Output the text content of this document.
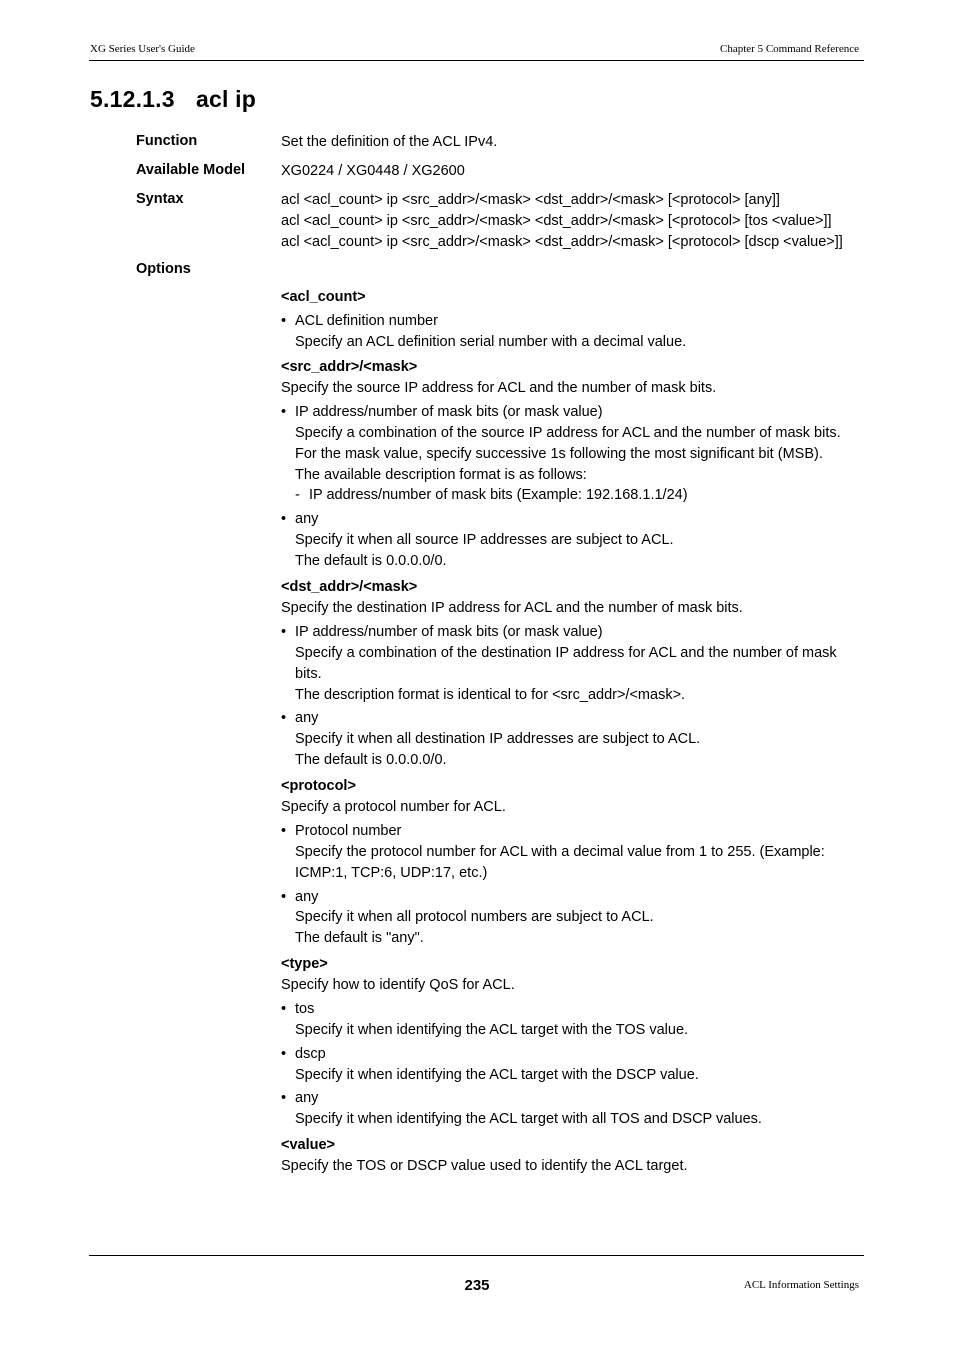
XG Series User's Guide	Chapter 5 Command Reference
5.12.1.3 acl ip
Function	Set the definition of the ACL IPv4.
Available Model XG0224 / XG0448 / XG2600
Syntax	acl <acl_count> ip <src_addr>/<mask> <dst_addr>/<mask> [<protocol> [any]]

acl <acl_count> ip <src_addr>/<mask> <dst_addr>/<mask> [<protocol> [tos <value>]]

acl <acl_count> ip <src_addr>/<mask> <dst_addr>/<mask> [<protocol> [dscp <value>]]

Options

<acl_count>

• ACL definition number

Specify an ACL definition serial number with a decimal value.

<src_addr>/<mask>

Specify the source IP address for ACL and the number of mask bits.

• IP address/number of mask bits (or mask value)

Specify a combination of the source IP address for ACL and the number of mask bits.

For the mask value, specify successive 1s following the most significant bit (MSB).

The available description format is as follows:

- IP address/number of mask bits (Example: 192.168.1.1/24)

• any

Specify it when all source IP addresses are subject to ACL.

The default is 0.0.0.0/0.

<dst_addr>/<mask>

Specify the destination IP address for ACL and the number of mask bits.

• IP address/number of mask bits (or mask value)

Specify a combination of the destination IP address for ACL and the number of mask bits.

The description format is identical to for <src_addr>/<mask>.

• any

Specify it when all destination IP addresses are subject to ACL.

The default is 0.0.0.0/0.

<protocol>

Specify a protocol number for ACL.

• Protocol number

Specify the protocol number for ACL with a decimal value from 1 to 255. (Example: ICMP:1, TCP:6, UDP:17, etc.)

• any

Specify it when all protocol numbers are subject to ACL.

The default is "any".

<type>

Specify how to identify QoS for ACL.

• tos

Specify it when identifying the ACL target with the TOS value.

• dscp

Specify it when identifying the ACL target with the DSCP value.

• any

Specify it when identifying the ACL target with all TOS and DSCP values.

<value>

Specify the TOS or DSCP value used to identify the ACL target.

235	ACL Information Settings
